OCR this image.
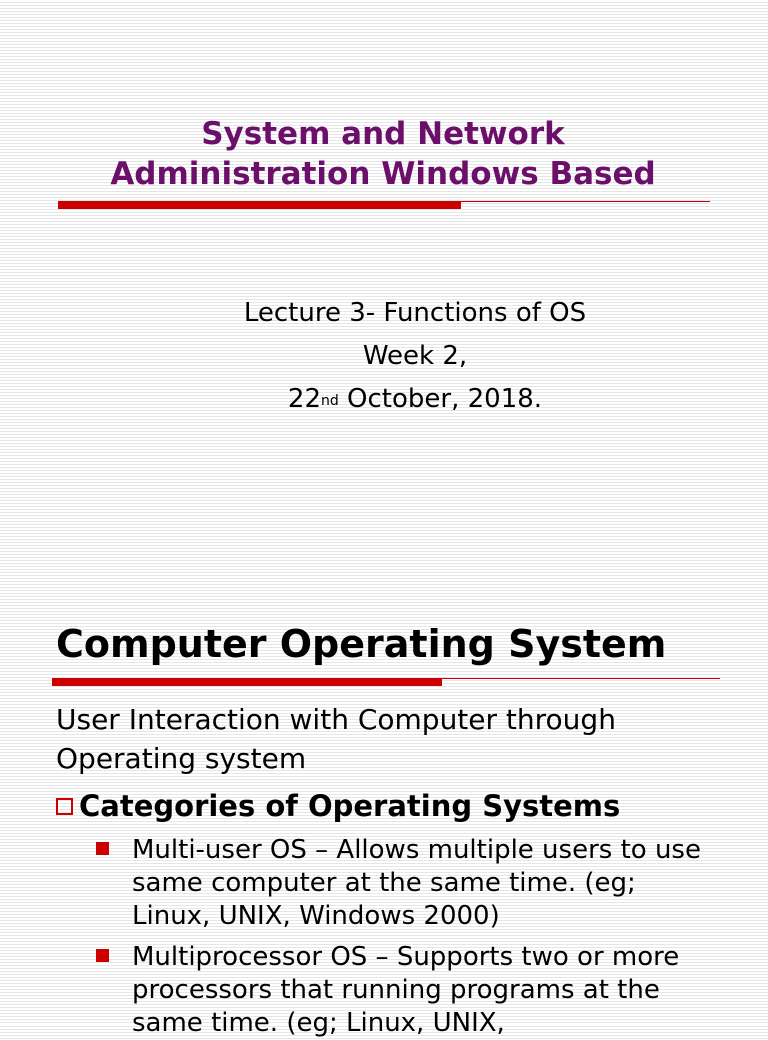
System and Network
Administration Windows Based
Lecture 3- Functions of OS
Week 2,
22nd October, 2018.
Computer Operating System
User Interaction with Computer through Operating system
Categories of Operating Systems
Multi-user OS – Allows multiple users to use same computer at the same time. (eg; Linux, UNIX, Windows 2000)
Multiprocessor OS – Supports two or more processors that running programs at the same time. (eg; Linux, UNIX,
